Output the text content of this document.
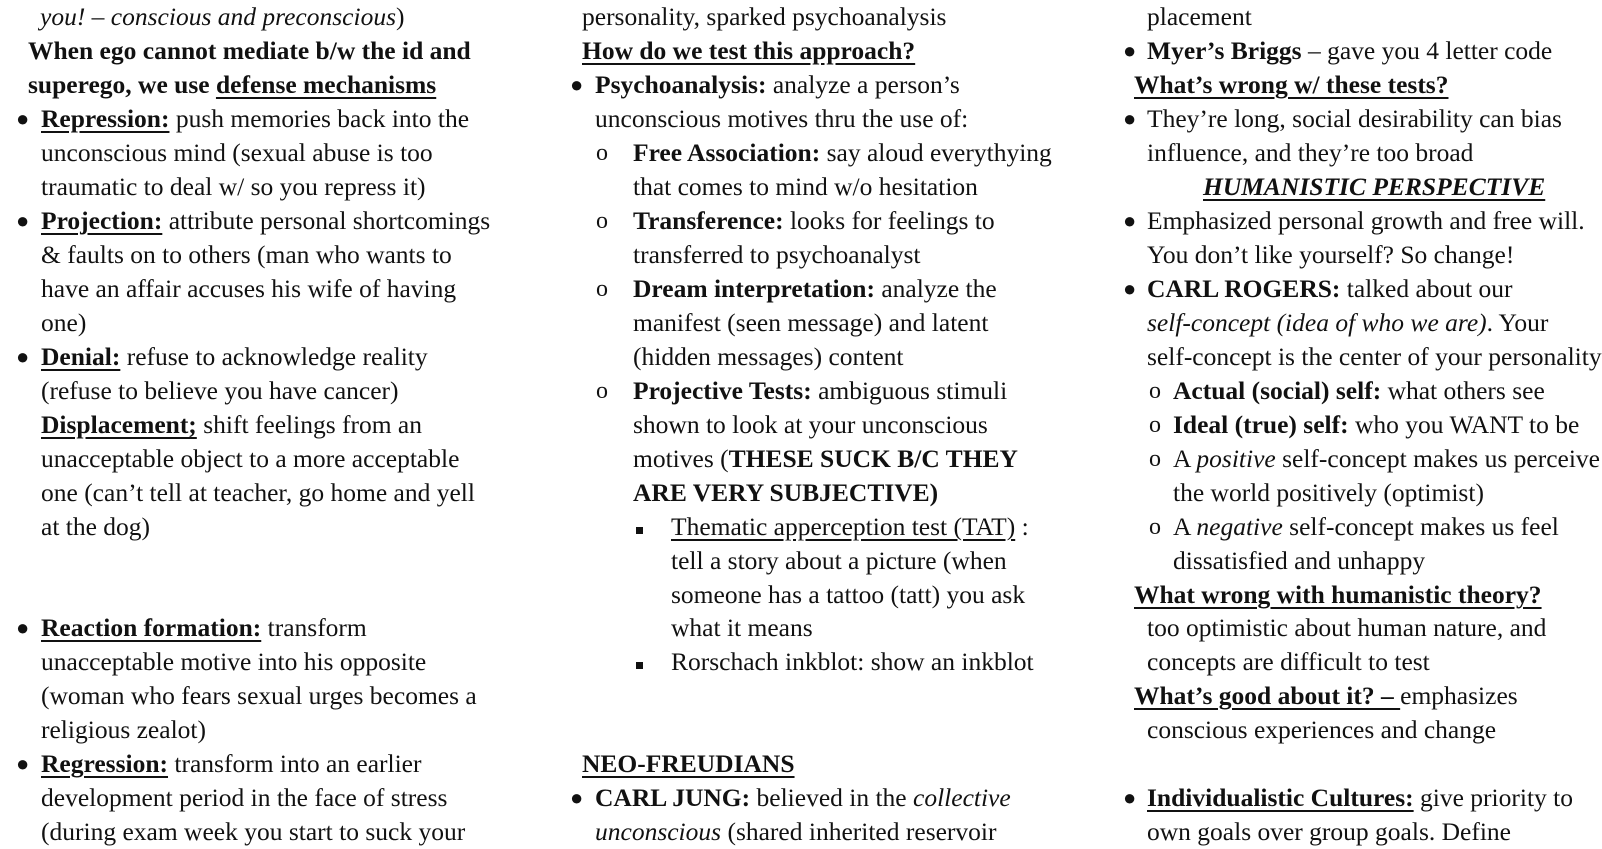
you! – conscious and preconscious)
When ego cannot mediate b/w the id and
superego, we use defense mechanisms
● Repression: push memories back into the
unconscious mind (sexual abuse is too
traumatic to deal w/ so you repress it)
● Projection: attribute personal shortcomings
& faults on to others (man who wants to
have an affair accuses his wife of having
one)
● Denial: refuse to acknowledge reality
(refuse to believe you have cancer)
Displacement; shift feelings from an
unacceptable object to a more acceptable
one (can’t tell at teacher, go home and yell
at the dog)
● Reaction formation: transform
unacceptable motive into his opposite
(woman who fears sexual urges becomes a
religious zealot)
● Regression: transform into an earlier
development period in the face of stress
(during exam week you start to suck your
personality, sparked psychoanalysis
How do we test this approach?
● Psychoanalysis: analyze a person’s
unconscious motives thru the use of:
o Free Association: say aloud everythying
that comes to mind w/o hesitation
o Transference: looks for feelings to
transferred to psychoanalyst
o Dream interpretation: analyze the
manifest (seen message) and latent
(hidden messages) content
o Projective Tests: ambiguous stimuli
shown to look at your unconscious
motives (THESE SUCK B/C THEY
ARE VERY SUBJECTIVE)
Thematic apperception test (TAT) :
tell a story about a picture (when
someone has a tattoo (tatt) you ask
what it means
Rorschach inkblot: show an inkblot
NEO-FREUDIANS
● CARL JUNG: believed in the collective
unconscious (shared inherited reservoir
placement
● Myer’s Briggs – gave you 4 letter code
What’s wrong w/ these tests?
● They’re long, social desirability can bias
influence, and they’re too broad
HUMANISTIC PERSPECTIVE
● Emphasized personal growth and free will.
You don’t like yourself? So change!
● CARL ROGERS: talked about our
self-concept (idea of who we are). Your
self-concept is the center of your personality
o Actual (social) self: what others see
o Ideal (true) self: who you WANT to be
o A positive self-concept makes us perceive
the world positively (optimist)
o A negative self-concept makes us feel
dissatisfied and unhappy
What wrong with humanistic theory?
too optimistic about human nature, and
concepts are difficult to test
What’s good about it? – emphasizes
conscious experiences and change
● Individualistic Cultures: give priority to
own goals over group goals. Define
